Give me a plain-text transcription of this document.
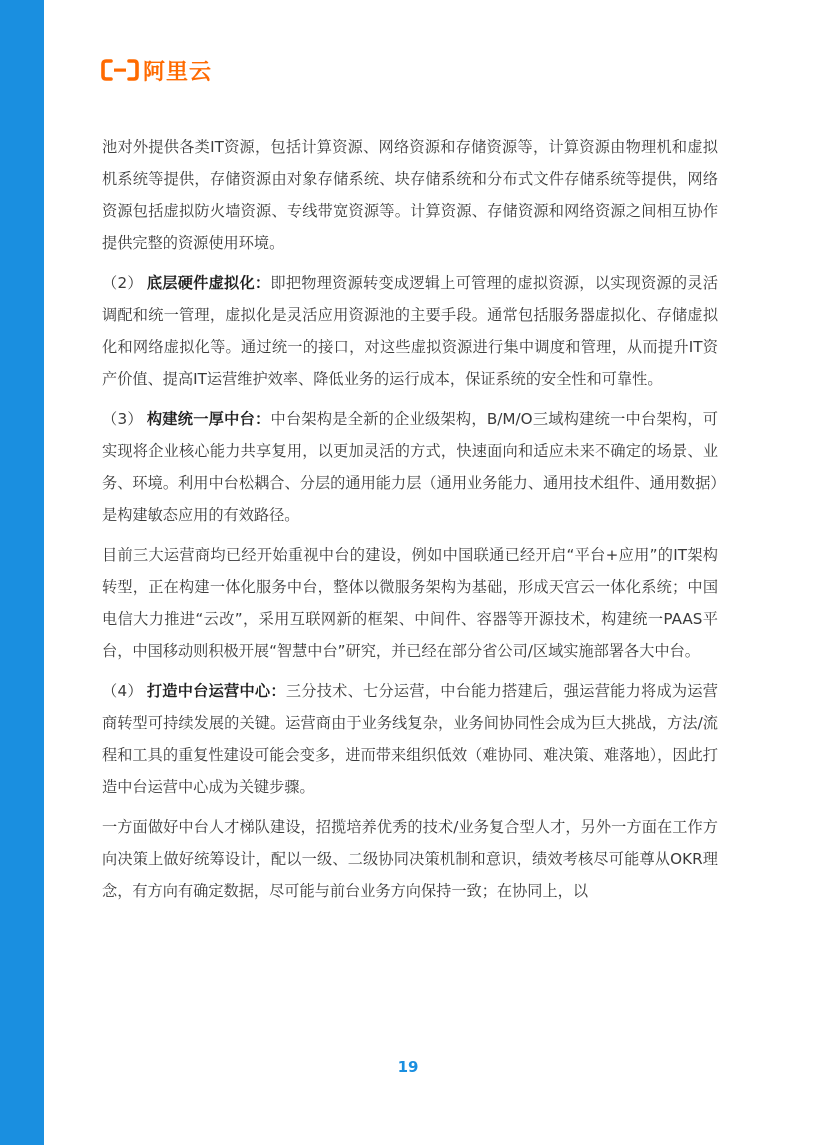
阿里云

池对外提供各类IT资源，包括计算资源、网络资源和存储资源等，计算资源由物理机和虚拟机系统等提供，存储资源由对象存储系统、块存储系统和分布式文件存储系统等提供，网络资源包括虚拟防火墙资源、专线带宽资源等。计算资源、存储资源和网络资源之间相互协作提供完整的资源使用环境。

（2） 底层硬件虚拟化：即把物理资源转变成逻辑上可管理的虚拟资源，以实现资源的灵活调配和统一管理，虚拟化是灵活应用资源池的主要手段。通常包括服务器虚拟化、存储虚拟化和网络虚拟化等。通过统一的接口，对这些虚拟资源进行集中调度和管理，从而提升IT资产价值、提高IT运营维护效率、降低业务的运行成本，保证系统的安全性和可靠性。

（3） 构建统一厚中台：中台架构是全新的企业级架构，B/M/O三域构建统一中台架构，可实现将企业核心能力共享复用，以更加灵活的方式，快速面向和适应未来不确定的场景、业务、环境。利用中台松耦合、分层的通用能力层（通用业务能力、通用技术组件、通用数据）是构建敏态应用的有效路径。

目前三大运营商均已经开始重视中台的建设，例如中国联通已经开启“平台+应用”的IT架构转型，正在构建一体化服务中台，整体以微服务架构为基础，形成天宫云一体化系统；中国电信大力推进“云改”，采用互联网新的框架、中间件、容器等开源技术，构建统一PAAS平台，中国移动则积极开展“智慧中台”研究，并已经在部分省公司/区域实施部署各大中台。

（4） 打造中台运营中心：三分技术、七分运营，中台能力搭建后，强运营能力将成为运营商转型可持续发展的关键。运营商由于业务线复杂，业务间协同性会成为巨大挑战，方法/流程和工具的重复性建设可能会变多，进而带来组织低效（难协同、难决策、难落地），因此打造中台运营中心成为关键步骤。

一方面做好中台人才梯队建设，招揽培养优秀的技术/业务复合型人才，另外一方面在工作方向决策上做好统筹设计，配以一级、二级协同决策机制和意识，绩效考核尽可能尊从OKR理念，有方向有确定数据，尽可能与前台业务方向保持一致；在协同上，以

19
